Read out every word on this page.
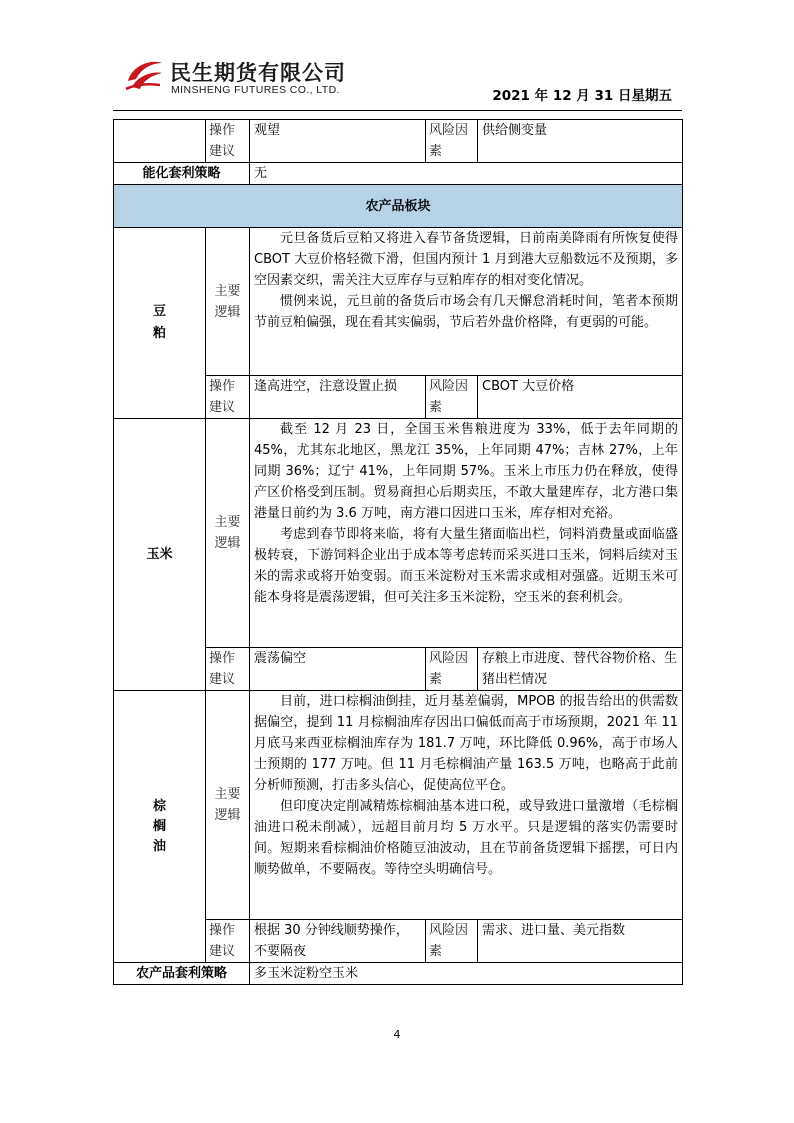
民生期货有限公司
MINSHENG FUTURES CO., LTD.	2021 年 12 月 31 日星期五
	操作建议	观望	风险因素	供给侧变量
能化套利策略		无		
农产品板块				

豆粕	主要逻辑	元旦备货后豆粕又将进入春节备货逻辑，日前南美降雨有所恢复使得 CBOT 大豆价格轻微下滑，但国内预计 1 月到港大豆船数远不及预期，多空因素交织，需关注大豆库存与豆粕库存的相对变化情况。

惯例来说，元旦前的备货后市场会有几天懈怠消耗时间，笔者本预期节前豆粕偏强，现在看其实偏弱，节后若外盘价格降，有更弱的可能。		

	操作建议	逢高进空，注意设置止损	风险因素	CBOT 大豆价格
玉米	主要逻辑	截至 12 月 23 日，全国玉米售粮进度为 33%，低于去年同期的 45%，尤其东北地区，黑龙江 35%，上年同期 47%；吉林 27%，上年同期 36%；辽宁 41%，上年同期 57%。玉米上市压力仍在释放，使得产区价格受到压制。贸易商担心后期卖压，不敢大量建库存，北方港口集港量日前约为 3.6 万吨，南方港口因进口玉米，库存相对充裕。

考虑到春节即将来临，将有大量生猪面临出栏，饲料消费量或面临盛极转衰，下游饲料企业出于成本等考虑转而采买进口玉米，饲料后续对玉米的需求或将开始变弱。而玉米淀粉对玉米需求或相对强盛。近期玉米可能本身将是震荡逻辑，但可关注多玉米淀粉，空玉米的套利机会。		

	操作建议	震荡偏空	风险因素	存粮上市进度、替代谷物价格、生猪出栏情况

棕榈油	主要逻辑	目前，进口棕榈油倒挂，近月基差偏弱，MPOB 的报告给出的供需数据偏空，提到 11 月棕榈油库存因出口偏低而高于市场预期，2021 年 11 月底马来西亚棕榈油库存为 181.7 万吨，环比降低 0.96%，高于市场人士预期的 177 万吨。但 11 月毛棕榈油产量 163.5 万吨，也略高于此前分析师预测，打击多头信心，促使高位平仓。

但印度决定削减精炼棕榈油基本进口税，或导致进口量激增（毛棕榈油进口税未削减），远超目前月均 5 万水平。只是逻辑的落实仍需要时间。短期来看棕榈油价格随豆油波动，且在节前备货逻辑下摇摆，可日内顺势做单，不要隔夜。等待空头明确信号。		

	操作建议	根据 30 分钟线顺势操作，不要隔夜	风险因素	需求、进口量、美元指数
农产品套利策略		多玉米淀粉空玉米		
4
